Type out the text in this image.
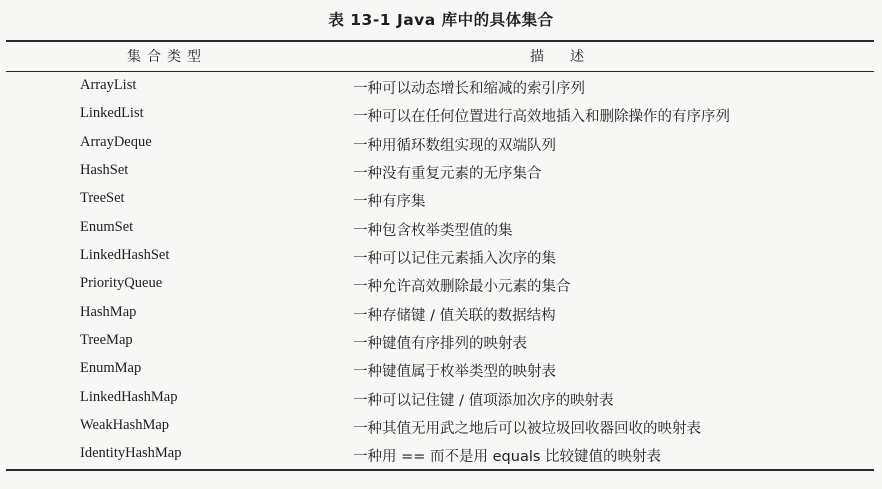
表 13-1 Java 库中的具体集合
集合类型	描述
ArrayList	一种可以动态增长和缩减的索引序列
LinkedList	一种可以在任何位置进行高效地插入和删除操作的有序序列
ArrayDeque	一种用循环数组实现的双端队列
HashSet	一种没有重复元素的无序集合
TreeSet	一种有序集
EnumSet	一种包含枚举类型值的集
LinkedHashSet	一种可以记住元素插入次序的集
PriorityQueue	一种允许高效删除最小元素的集合
HashMap	一种存储键 / 值关联的数据结构
TreeMap	一种键值有序排列的映射表
EnumMap	一种键值属于枚举类型的映射表
LinkedHashMap	一种可以记住键 / 值项添加次序的映射表
WeakHashMap	一种其值无用武之地后可以被垃圾回收器回收的映射表
IdentityHashMap	一种用 == 而不是用 equals 比较键值的映射表
